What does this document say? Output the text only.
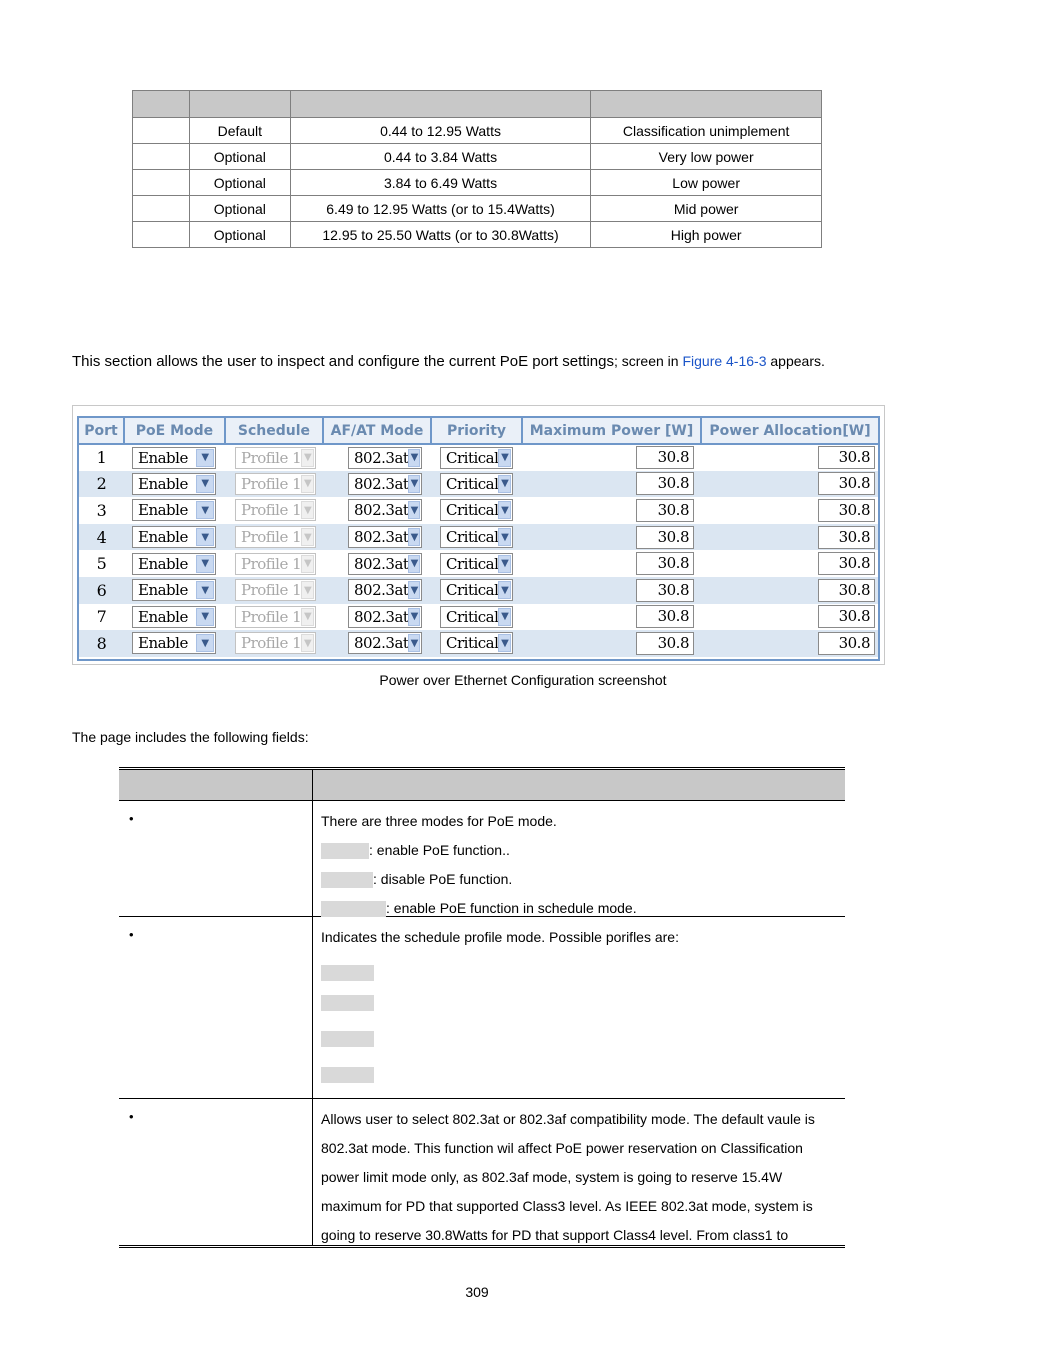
	Default	0.44 to 12.95 Watts	Classification unimplement
	Optional	0.44 to 3.84 Watts	Very low power
	Optional	3.84 to 6.49 Watts	Low power
	Optional	6.49 to 12.95 Watts (or to 15.4Watts)	Mid power
	Optional	12.95 to 25.50 Watts (or to 30.8Watts)	High power
This section allows the user to inspect and configure the current PoE port settings; screen in Figure 4-16-3 appears.
Port	PoE Mode	Schedule	AF/AT Mode	Priority	Maximum Power [W]	Power Allocation[W]
1	Enable ▼	Profile 1 ▼	802.3at ▼	Critical ▼	30.8	30.8
2	Enable ▼	Profile 1 ▼	802.3at ▼	Critical ▼	30.8	30.8
3	Enable ▼	Profile 1 ▼	802.3at ▼	Critical ▼	30.8	30.8
4	Enable ▼	Profile 1 ▼	802.3at ▼	Critical ▼	30.8	30.8
5	Enable ▼	Profile 1 ▼	802.3at ▼	Critical ▼	30.8	30.8
6	Enable ▼	Profile 1 ▼	802.3at ▼	Critical ▼	30.8	30.8
7	Enable ▼	Profile 1 ▼	802.3at ▼	Critical ▼	30.8	30.8
8	Enable ▼	Profile 1 ▼	802.3at ▼	Critical ▼	30.8	30.8
Power over Ethernet Configuration screenshot
The page includes the following fields:
•	There are three modes for PoE mode.
: enable PoE function..
: disable PoE function.
: enable PoE function in schedule mode.
•	Indicates the schedule profile mode. Possible porifles are:
•	Allows user to select 802.3at or 802.3af compatibility mode. The default vaule is
802.3at mode. This function wil affect PoE power reservation on Classification
power limit mode only, as 802.3af mode, system is going to reserve 15.4W
maximum for PD that supported Class3 level. As IEEE 802.3at mode, system is
going to reserve 30.8Watts for PD that support Class4 level. From class1 to
309
